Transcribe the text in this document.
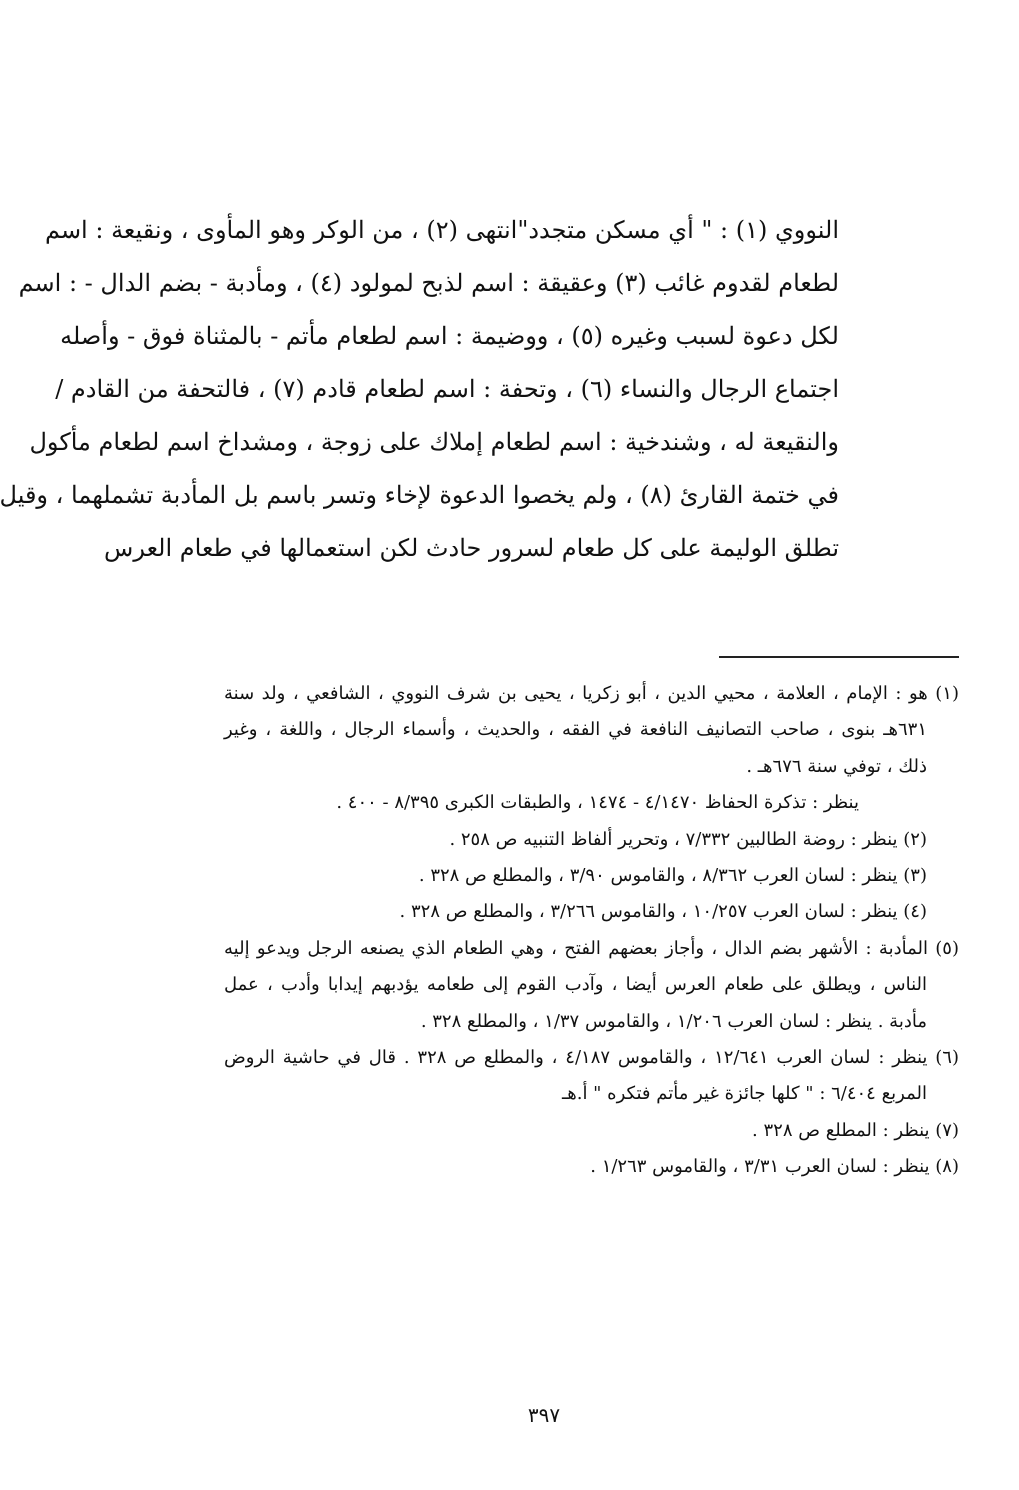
النووي (١) : " أي مسكن متجدد"انتهى (٢) ، من الوكر وهو المأوى ، ونقيعة : اسم
لطعام لقدوم غائب (٣) وعقيقة : اسم لذبح لمولود (٤) ، ومأدبة - بضم الدال - : اسم
لكل دعوة لسبب وغيره (٥) ، ووضيمة : اسم لطعام مأتم - بالمثناة فوق - وأصله
اجتماع الرجال والنساء (٦) ، وتحفة : اسم لطعام قادم (٧) ، فالتحفة من القادم /
والنقيعة له ، وشندخية : اسم لطعام إملاك على زوجة ، ومشداخ اسم لطعام مأكول
في ختمة القارئ (٨) ، ولم يخصوا الدعوة لإخاء وتسر باسم بل المأدبة تشملهما ، وقيل
تطلق الوليمة على كل طعام لسرور حادث لكن استعمالها في طعام العرس
(١) هو : الإمام ، العلامة ، محيي الدين ، أبو زكريا ، يحيى بن شرف النووي ، الشافعي ، ولد سنة
٦٣١هـ بنوى ، صاحب التصانيف النافعة في الفقه ، والحديث ، وأسماء الرجال ، واللغة ، وغير
ذلك ، توفي سنة ٦٧٦هـ .
ينظر : تذكرة الحفاظ ٤/١٤٧٠ - ١٤٧٤ ، والطبقات الكبرى ٨/٣٩٥ - ٤٠٠ .
(٢) ينظر : روضة الطالبين ٧/٣٣٢ ، وتحرير ألفاظ التنبيه ص ٢٥٨ .
(٣) ينظر : لسان العرب ٨/٣٦٢ ، والقاموس ٣/٩٠ ، والمطلع ص ٣٢٨ .
(٤) ينظر : لسان العرب ١٠/٢٥٧ ، والقاموس ٣/٢٦٦ ، والمطلع ص ٣٢٨ .
(٥) المأدبة : الأشهر بضم الدال ، وأجاز بعضهم الفتح ، وهي الطعام الذي يصنعه الرجل ويدعو إليه
الناس ، ويطلق على طعام العرس أيضا ، وآدب القوم إلى طعامه يؤدبهم إيدابا وأدب ، عمل
مأدبة . ينظر : لسان العرب ١/٢٠٦ ، والقاموس ١/٣٧ ، والمطلع ٣٢٨ .
(٦) ينظر : لسان العرب ١٢/٦٤١ ، والقاموس ٤/١٨٧ ، والمطلع ص ٣٢٨ . قال في حاشية الروض
المربع ٦/٤٠٤ : " كلها جائزة غير مأتم فتكره " أ.هـ
(٧) ينظر : المطلع ص ٣٢٨ .
(٨) ينظر : لسان العرب ٣/٣١ ، والقاموس ١/٢٦٣ .
٣٩٧
